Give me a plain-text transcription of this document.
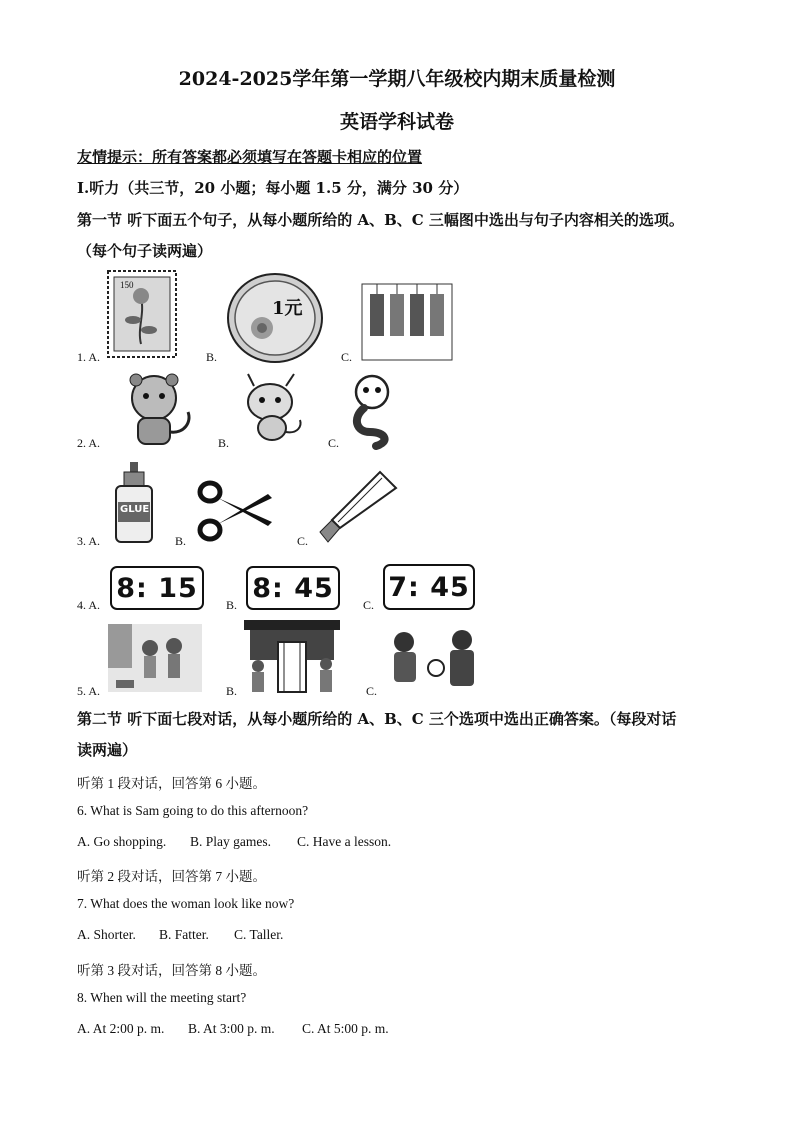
2024-2025学年第一学期八年级校内期末质量检测
英语学科试卷
友情提示：所有答案都必须填写在答题卡相应的位置
Ⅰ.听力（共三节，20 小题；每小题 1.5 分，满分 30 分）
第一节 听下面五个句子，从每小题所给的 A、B、C 三幅图中选出与句子内容相关的选项。
（每个句子读两遍）
1. A.
150
B.
1元
C.
2. A.	B.	C.
3. A.
GLUE
B.	C.
4. A.
8: 15
B.
8: 45
C.
7: 45
5. A.	B.	C.
第二节 听下面七段对话，从每小题所给的 A、B、C 三个选项中选出正确答案。（每段对话
读两遍）
听第 1 段对话，回答第 6 小题。
6. What is Sam going to do this afternoon?
A. Go shopping. B. Play games. C. Have a lesson.
听第 2 段对话，回答第 7 小题。
7. What does the woman look like now?
A. Shorter. B. Fatter. C. Taller.
听第 3 段对话，回答第 8 小题。
8. When will the meeting start?
A. At 2:00 p. m. B. At 3:00 p. m. C. At 5:00 p. m.
